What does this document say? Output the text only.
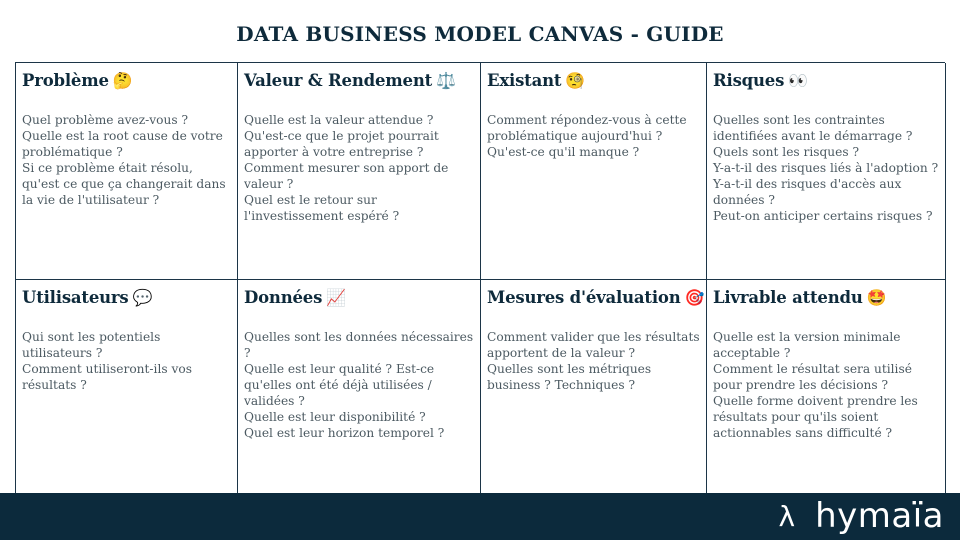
DATA BUSINESS MODEL CANVAS - GUIDE
Problème 🤔
Quel problème avez-vous ?
Quelle est la root cause de votre problématique ?
Si ce problème était résolu, qu'est ce que ça changerait dans la vie de l'utilisateur ?
Valeur & Rendement ⚖️
Quelle est la valeur attendue ?
Qu'est-ce que le projet pourrait apporter à votre entreprise ?
Comment mesurer son apport de valeur ?
Quel est le retour sur l'investissement espéré ?
Existant 🧐
Comment répondez-vous à cette problématique aujourd'hui ?
Qu'est-ce qu'il manque ?
Risques 👀
Quelles sont les contraintes identifiées avant le démarrage ?
Quels sont les risques ?
Y-a-t-il des risques liés à l'adoption ?
Y-a-t-il des risques d'accès aux données ?
Peut-on anticiper certains risques ?
Utilisateurs 💬
Qui sont les potentiels utilisateurs ?
Comment utiliseront-ils vos résultats ?
Données 📈
Quelles sont les données nécessaires ?
Quelle est leur qualité ? Est-ce qu'elles ont été déjà utilisées / validées ?
Quelle est leur disponibilité ?
Quel est leur horizon temporel ?
Mesures d'évaluation 🎯
Comment valider que les résultats apportent de la valeur ?
Quelles sont les métriques business ? Techniques ?
Livrable attendu 🤩
Quelle est la version minimale acceptable ?
Comment le résultat sera utilisé pour prendre les décisions ?
Quelle forme doivent prendre les résultats pour qu'ils soient actionnables sans difficulté ?
λ hymaïa
